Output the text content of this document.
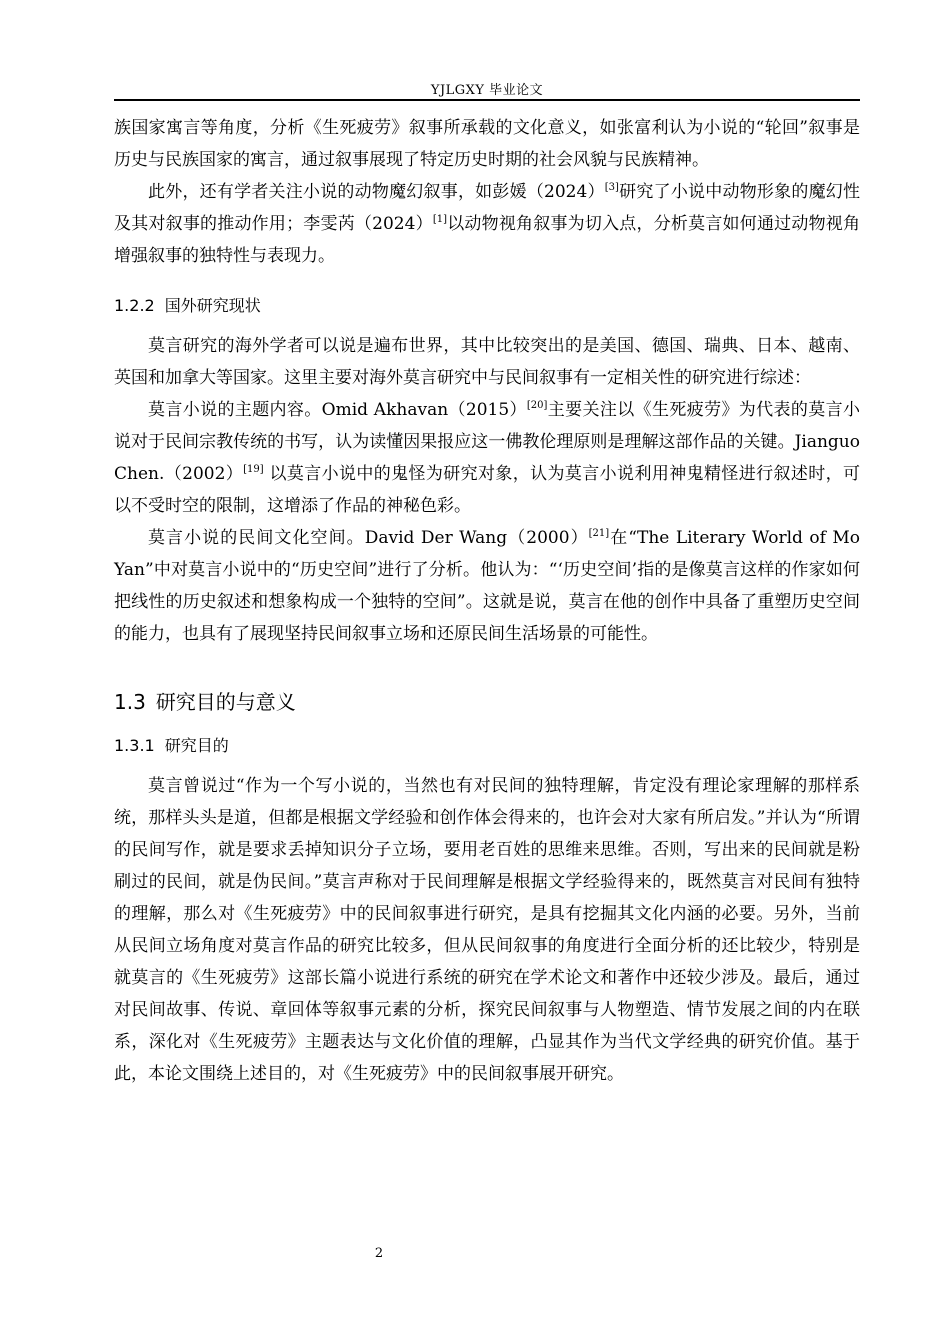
YJLGXY 毕业论文

族国家寓言等角度，分析《生死疲劳》叙事所承载的文化意义，如张富利认为小说的“轮回”叙事是历史与民族国家的寓言，通过叙事展现了特定历史时期的社会风貌与民族精神。

此外，还有学者关注小说的动物魔幻叙事，如彭媛（2024）[3]研究了小说中动物形象的魔幻性及其对叙事的推动作用；李雯芮（2024）[1]以动物视角叙事为切入点，分析莫言如何通过动物视角增强叙事的独特性与表现力。

1.2.2 国外研究现状

莫言研究的海外学者可以说是遍布世界，其中比较突出的是美国、德国、瑞典、日本、越南、英国和加拿大等国家。这里主要对海外莫言研究中与民间叙事有一定相关性的研究进行综述：

莫言小说的主题内容。Omid Akhavan（2015）[20]主要关注以《生死疲劳》为代表的莫言小说对于民间宗教传统的书写，认为读懂因果报应这一佛教伦理原则是理解这部作品的关键。Jianguo Chen.（2002）[19] 以莫言小说中的鬼怪为研究对象，认为莫言小说利用神鬼精怪进行叙述时，可以不受时空的限制，这增添了作品的神秘色彩。

莫言小说的民间文化空间。David Der Wang（2000）[21]在“The Literary World of Mo Yan”中对莫言小说中的“历史空间”进行了分析。他认为：“‘历史空间’指的是像莫言这样的作家如何把线性的历史叙述和想象构成一个独特的空间”。这就是说，莫言在他的创作中具备了重塑历史空间的能力，也具有了展现坚持民间叙事立场和还原民间生活场景的可能性。

1.3 研究目的与意义
1.3.1 研究目的

莫言曾说过“作为一个写小说的，当然也有对民间的独特理解，肯定没有理论家理解的那样系统，那样头头是道，但都是根据文学经验和创作体会得来的，也许会对大家有所启发。”并认为“所谓的民间写作，就是要求丢掉知识分子立场，要用老百姓的思维来思维。否则，写出来的民间就是粉刷过的民间，就是伪民间。”莫言声称对于民间理解是根据文学经验得来的，既然莫言对民间有独特的理解，那么对《生死疲劳》中的民间叙事进行研究，是具有挖掘其文化内涵的必要。另外，当前从民间立场角度对莫言作品的研究比较多，但从民间叙事的角度进行全面分析的还比较少，特别是就莫言的《生死疲劳》这部长篇小说进行系统的研究在学术论文和著作中还较少涉及。最后，通过对民间故事、传说、章回体等叙事元素的分析，探究民间叙事与人物塑造、情节发展之间的内在联系，深化对《生死疲劳》主题表达与文化价值的理解，凸显其作为当代文学经典的研究价值。基于此，本论文围绕上述目的，对《生死疲劳》中的民间叙事展开研究。

2
